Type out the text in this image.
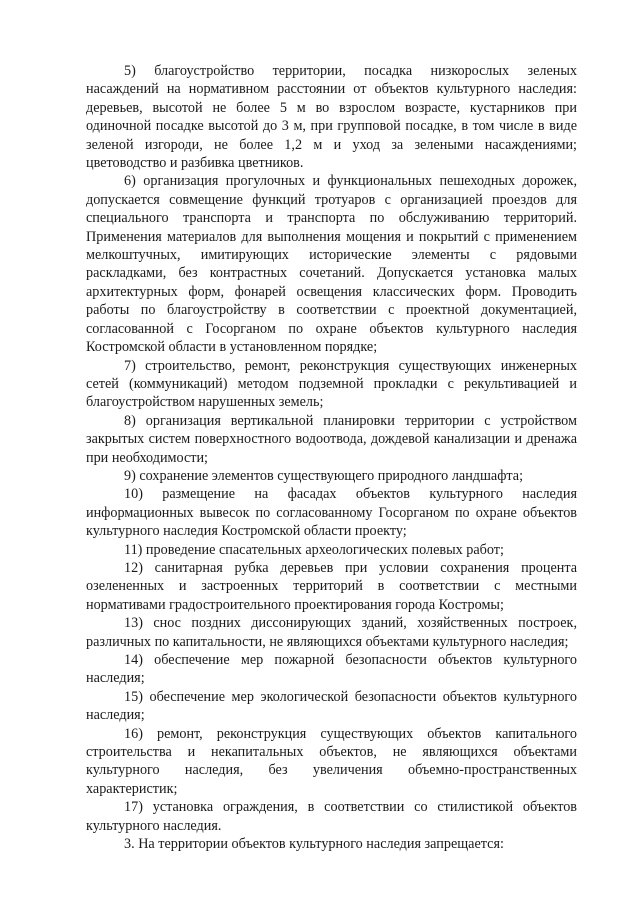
5) благоустройство территории, посадка низкорослых зеленых насаждений на нормативном расстоянии от объектов культурного наследия: деревьев, высотой не более 5 м во взрослом возрасте, кустарников при одиночной посадке высотой до 3 м, при групповой посадке, в том числе в виде зеленой изгороди, не более 1,2 м и уход за зелеными насаждениями; цветоводство и разбивка цветников.

6) организация прогулочных и функциональных пешеходных дорожек, допускается совмещение функций тротуаров с организацией проездов для специального транспорта и транспорта по обслуживанию территорий. Применения материалов для выполнения мощения и покрытий с применением мелкоштучных, имитирующих исторические элементы с рядовыми раскладками, без контрастных сочетаний. Допускается установка малых архитектурных форм, фонарей освещения классических форм. Проводить работы по благоустройству в соответствии с проектной документацией, согласованной с Госорганом по охране объектов культурного наследия Костромской области в установленном порядке;

7) строительство, ремонт, реконструкция существующих инженерных сетей (коммуникаций) методом подземной прокладки с рекультивацией и благоустройством нарушенных земель;

8) организация вертикальной планировки территории с устройством закрытых систем поверхностного водоотвода, дождевой канализации и дренажа при необходимости;

9) сохранение элементов существующего природного ландшафта;

10) размещение на фасадах объектов культурного наследия информационных вывесок по согласованному Госорганом по охране объектов культурного наследия Костромской области проекту;

11) проведение спасательных археологических полевых работ;

12) санитарная рубка деревьев при условии сохранения процента озелененных и застроенных территорий в соответствии с местными нормативами градостроительного проектирования города Костромы;

13) снос поздних диссонирующих зданий, хозяйственных построек, различных по капитальности, не являющихся объектами культурного наследия;

14) обеспечение мер пожарной безопасности объектов культурного наследия;

15) обеспечение мер экологической безопасности объектов культурного наследия;

16) ремонт, реконструкция существующих объектов капитального строительства и некапитальных объектов, не являющихся объектами культурного наследия, без увеличения объемно-пространственных характеристик;

17) установка ограждения, в соответствии со стилистикой объектов культурного наследия.

3. На территории объектов культурного наследия запрещается:
